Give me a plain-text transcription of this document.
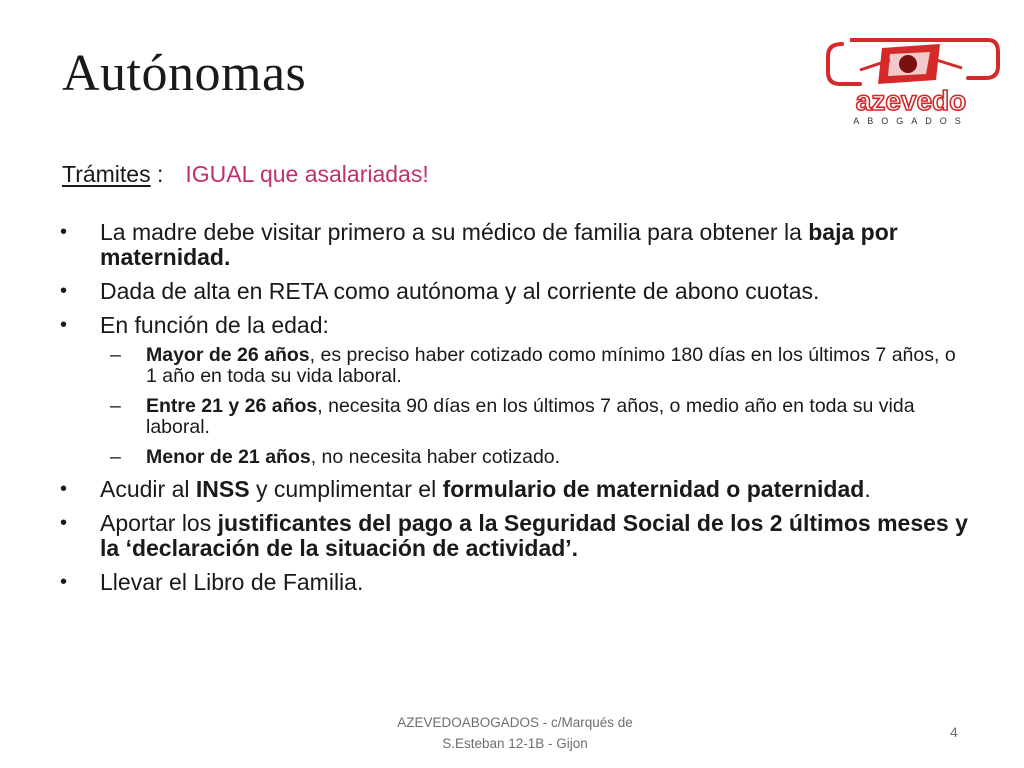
Autónomas	azevedo
ABOGADOS
Trámites : IGUAL que asalariadas!
• La madre debe visitar primero a su médico de familia para obtener la baja por maternidad.
• Dada de alta en RETA como autónoma y al corriente de abono cuotas.
• En función de la edad:
– Mayor de 26 años, es preciso haber cotizado como mínimo 180 días en los últimos 7 años, o 1 año en toda su vida laboral.
– Entre 21 y 26 años, necesita 90 días en los últimos 7 años, o medio año en toda su vida laboral.
– Menor de 21 años, no necesita haber cotizado.
• Acudir al INSS y cumplimentar el formulario de maternidad o paternidad.
• Aportar los justificantes del pago a la Seguridad Social de los 2 últimos meses y la ‘declaración de la situación de actividad’.
• Llevar el Libro de Familia.
AZEVEDOABOGADOS - c/Marqués de
S.Esteban 12-1B - Gijon
4
